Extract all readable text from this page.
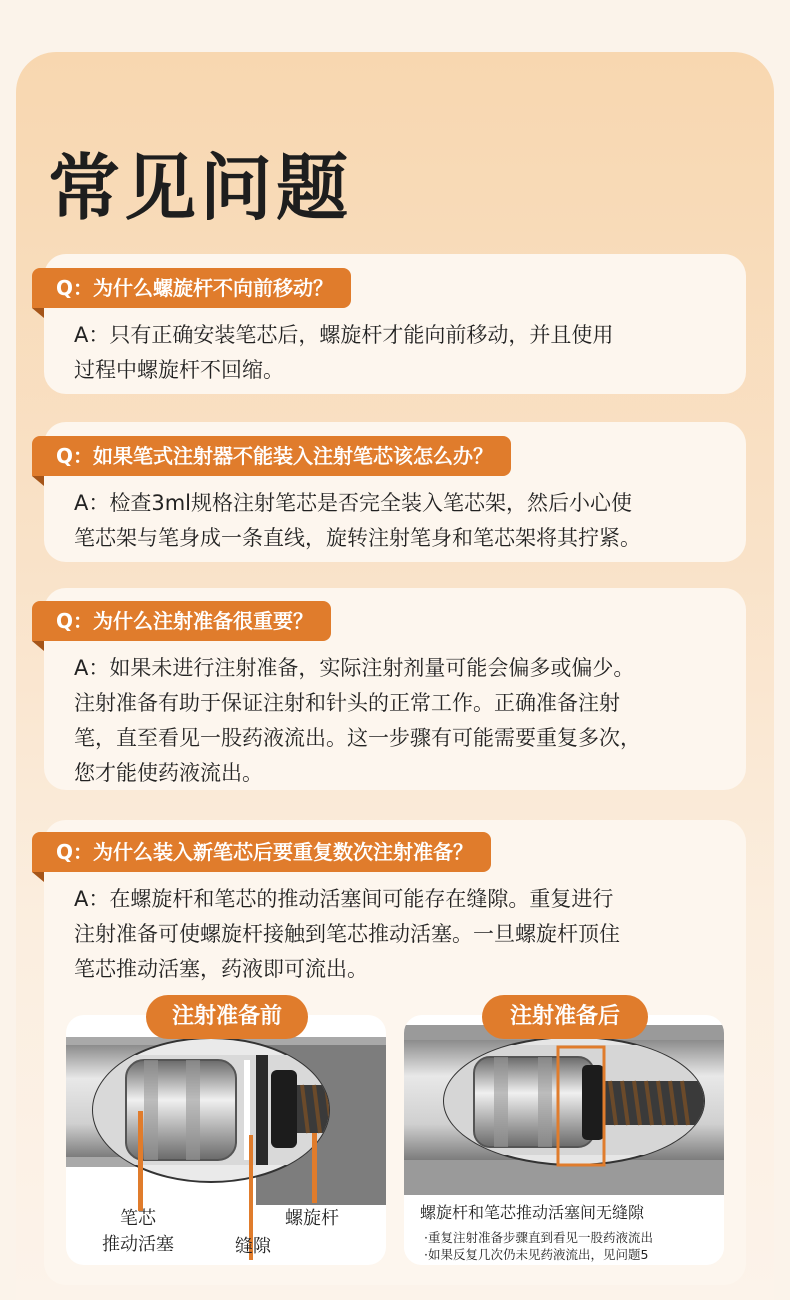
常见问题
Q：为什么螺旋杆不向前移动？
A：只有正确安装笔芯后，螺旋杆才能向前移动，并且使用
过程中螺旋杆不回缩。
Q：如果笔式注射器不能装入注射笔芯该怎么办？
A：检查3ml规格注射笔芯是否完全装入笔芯架，然后小心使
笔芯架与笔身成一条直线，旋转注射笔身和笔芯架将其拧紧。
Q：为什么注射准备很重要？
A：如果未进行注射准备，实际注射剂量可能会偏多或偏少。
注射准备有助于保证注射和针头的正常工作。正确准备注射
笔，直至看见一股药液流出。这一步骤有可能需要重复多次，
您才能使药液流出。
Q：为什么装入新笔芯后要重复数次注射准备？
A：在螺旋杆和笔芯的推动活塞间可能存在缝隙。重复进行
注射准备可使螺旋杆接触到笔芯推动活塞。一旦螺旋杆顶住
笔芯推动活塞，药液即可流出。
注射准备前
笔芯
推动活塞	缝隙
螺旋杆
注射准备后
螺旋杆和笔芯推动活塞间无缝隙
·重复注射准备步骤直到看见一股药液流出
·如果反复几次仍未见药液流出，见问题5
